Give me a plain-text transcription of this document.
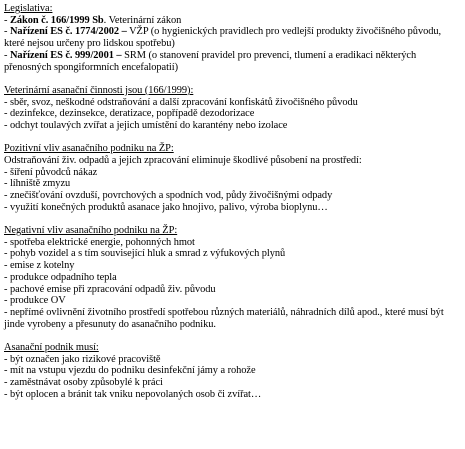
Legislativa:

- Zákon č. 166/1999 Sb. Veterinární zákon

- Nařízení ES č. 1774/2002 – VŽP (o hygienických pravidlech pro vedlejší produkty živočišného původu, které nejsou určeny pro lidskou spotřebu)

- Nařízení ES č. 999/2001 – SRM (o stanovení pravidel pro prevenci, tlumení a eradikaci některých přenosných spongiformních encefalopatií)

Veterinární asanační činnosti jsou (166/1999):

- sběr, svoz, neškodné odstraňování a další zpracování konfiskátů živočišného původu

- dezinfekce, dezinsekce, deratizace, popřípadě dezodorizace

- odchyt toulavých zvířat a jejich umístění do karantény nebo izolace

Pozitivní vliv asanačního podniku na ŽP:

Odstraňování živ. odpadů a jejich zpracování eliminuje škodlivé působení na prostředí:

- šíření původců nákaz

- líhniště zmyzu

- znečišťování ovzduší, povrchových a spodních vod, půdy živočišnými odpady

- využití konečných produktů asanace jako hnojivo, palivo, výroba bioplynu…

Negativní vliv asanačního podniku na ŽP:

- spotřeba elektrické energie, pohonných hmot

- pohyb vozidel a s tím související hluk a smrad z výfukových plynů

- emise z kotelny

- produkce odpadního tepla

- pachové emise při zpracování odpadů živ. původu

- produkce OV

- nepřímé ovlivnění životního prostředí spotřebou různých materiálů, náhradních dílů apod., které musí být jinde vyrobeny a přesunuty do asanačního podniku.

Asanační podnik musí:

- být označen jako rizikové pracoviště

- mít na vstupu vjezdu do podniku desinfekční jámy a rohože

- zaměstnávat osoby způsobylé k práci

- být oplocen a bránit tak vniku nepovolaných osob či zvířat…
